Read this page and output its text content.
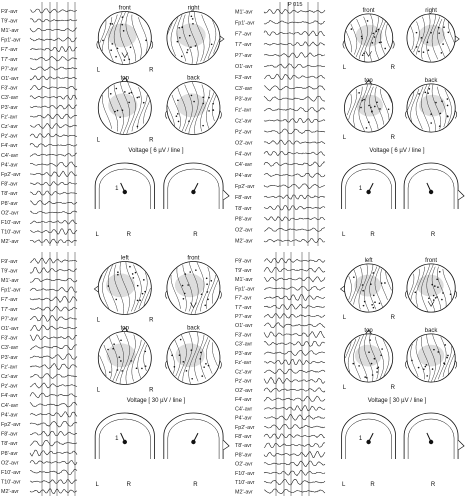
F9'-avr
T9'-avr
M1'-avr
Fp1'-avr
F7'-avr
T7'-avr
P7'-avr
O1'-avr
F3'-avr
C3'-avr
P3'-avr
Fz'-avr
Cz'-avr
Pz'-avr
F4'-avr
C4'-avr
P4'-avr
Fp2'-avr
F8'-avr
T8'-avr
P8'-avr
O2'-avr
F10'-avr
T10'-avr
M2'-avr
front	right
top	back
L	R
L	R
Voltage [ 6 µV / line ]
1
L	R	R
P 015
M1'-avr
Fp1'-avr
F7'-avr
T7'-avr
P7'-avr
O1'-avr
F3'-avr
C3'-avr
P3'-avr
Fz'-avr
Cz'-avr
Pz'-avr
O2'-avr
F4'-avr
C4'-avr
P4'-avr
Fp2'-avr
F8'-avr
T8'-avr
P8'-avr
O2'-avr
M2'-avr
front	right
top	back
L	R
L	R
Voltage [ 6 µV / line ]
1
L	R	R
F9'-avr
T9'-avr
M1'-avr
Fp1'-avr
F7'-avr
T7'-avr
P7'-avr
O1'-avr
F3'-avr
C3'-avr
P3'-avr
Fz'-avr
Cz'-avr
Pz'-avr
F4'-avr
C4'-avr
P4'-avr
Fp2'-avr
F8'-avr
T8'-avr
P8'-avr
O2'-avr
F10'-avr
T10'-avr
M2'-avr
left	front
top	back
L	R
L	R
Voltage [ 30 µV / line ]
1
L	R	R
F9'-avr
T9'-avr
M1'-avr
Fp1'-avr
F7'-avr
T7'-avr
P7'-avr
O1'-avr
F3'-avr
C3'-avr
P3'-avr
Fz'-avr
Cz'-avr
Pz'-avr
O2'-avr
F4'-avr
C4'-avr
P4'-avr
Fp2'-avr
F8'-avr
T8'-avr
P8'-avr
O2'-avr
F10'-avr
T10'-avr
M2'-avr
left	front
top	back
L	R
L	R
Voltage [ 30 µV / line ]
1
L	R	R
